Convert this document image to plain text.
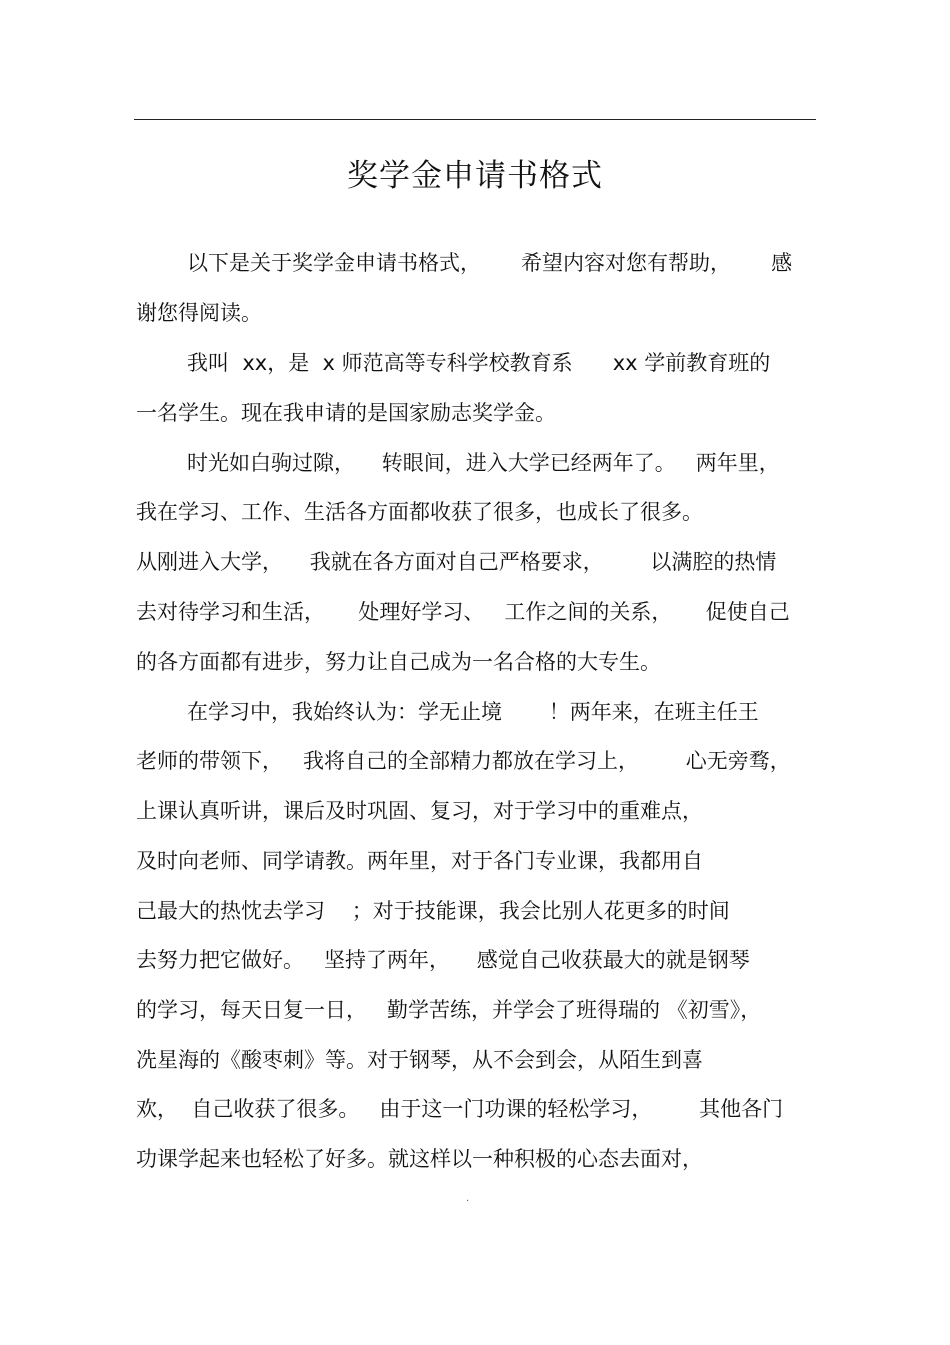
奖学金申请书格式

以下是关于奖学金申请书格式，      希望内容对您有帮助，      感

谢您得阅读。

我叫  xx，是  x 师范高等专科学校教育系      xx 学前教育班的

一名学生。现在我申请的是国家励志奖学金。

时光如白驹过隙，    转眼间，进入大学已经两年了。   两年里，

我在学习、工作、生活各方面都收获了很多，也成长了很多。

从刚进入大学，    我就在各方面对自己严格要求，       以满腔的热情

去对待学习和生活，     处理好学习、   工作之间的关系，     促使自己

的各方面都有进步，努力让自己成为一名合格的大专生。

在学习中，我始终认为：学无止境       ！两年来，在班主任王

老师的带领下，   我将自己的全部精力都放在学习上，       心无旁骛，

上课认真听讲，课后及时巩固、复习，对于学习中的重难点，

及时向老师、同学请教。两年里，对于各门专业课，我都用自

己最大的热忱去学习    ；对于技能课，我会比别人花更多的时间

去努力把它做好。   坚持了两年，    感觉自己收获最大的就是钢琴

的学习，每天日复一日，   勤学苦练，并学会了班得瑞的 《初雪》，

冼星海的《酸枣刺》等。对于钢琴，从不会到会，从陌生到喜

欢，  自己收获了很多。   由于这一门功课的轻松学习，       其他各门

功课学起来也轻松了好多。就这样以一种积极的心态去面对，

.
